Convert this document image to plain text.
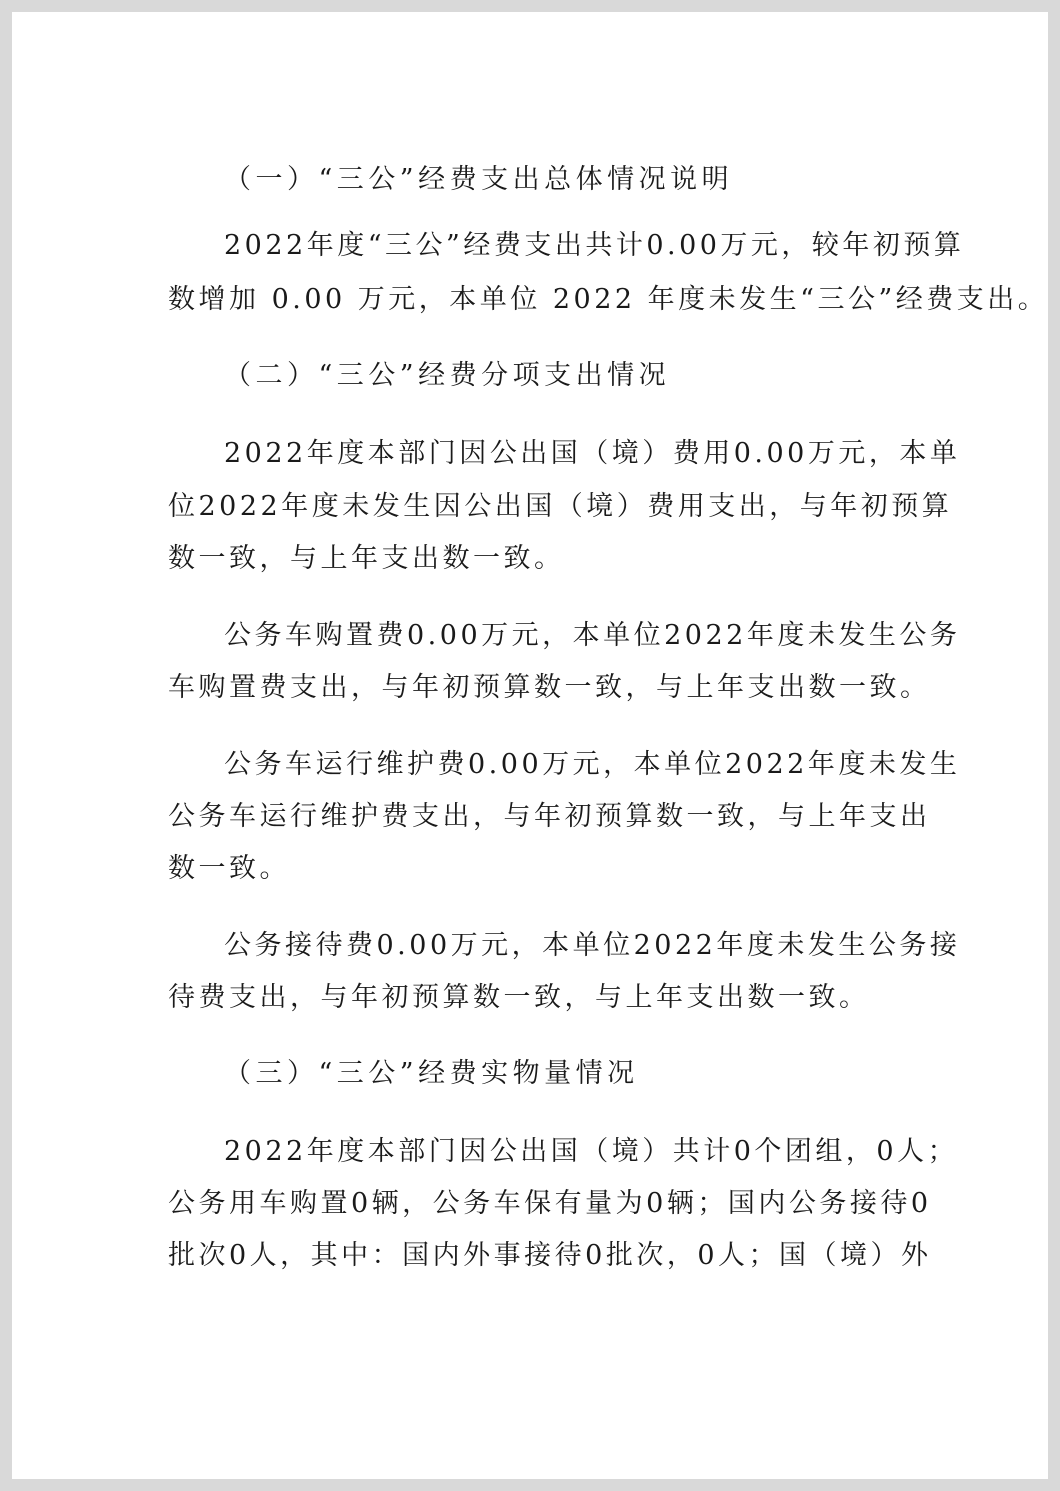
（一）“三公”经费支出总体情况说明
2022年度“三公”经费支出共计0.00万元，较年初预算
数增加 0.00 万元，本单位 2022 年度未发生“三公”经费支出。
（二）“三公”经费分项支出情况
2022年度本部门因公出国（境）费用0.00万元，本单
位2022年度未发生因公出国（境）费用支出，与年初预算
数一致，与上年支出数一致。
公务车购置费0.00万元，本单位2022年度未发生公务
车购置费支出，与年初预算数一致，与上年支出数一致。
公务车运行维护费0.00万元，本单位2022年度未发生
公务车运行维护费支出，与年初预算数一致，与上年支出
数一致。
公务接待费0.00万元，本单位2022年度未发生公务接
待费支出，与年初预算数一致，与上年支出数一致。
（三）“三公”经费实物量情况
2022年度本部门因公出国（境）共计0个团组，0人；
公务用车购置0辆，公务车保有量为0辆；国内公务接待0
批次0人，其中：国内外事接待0批次，0人；国（境）外
